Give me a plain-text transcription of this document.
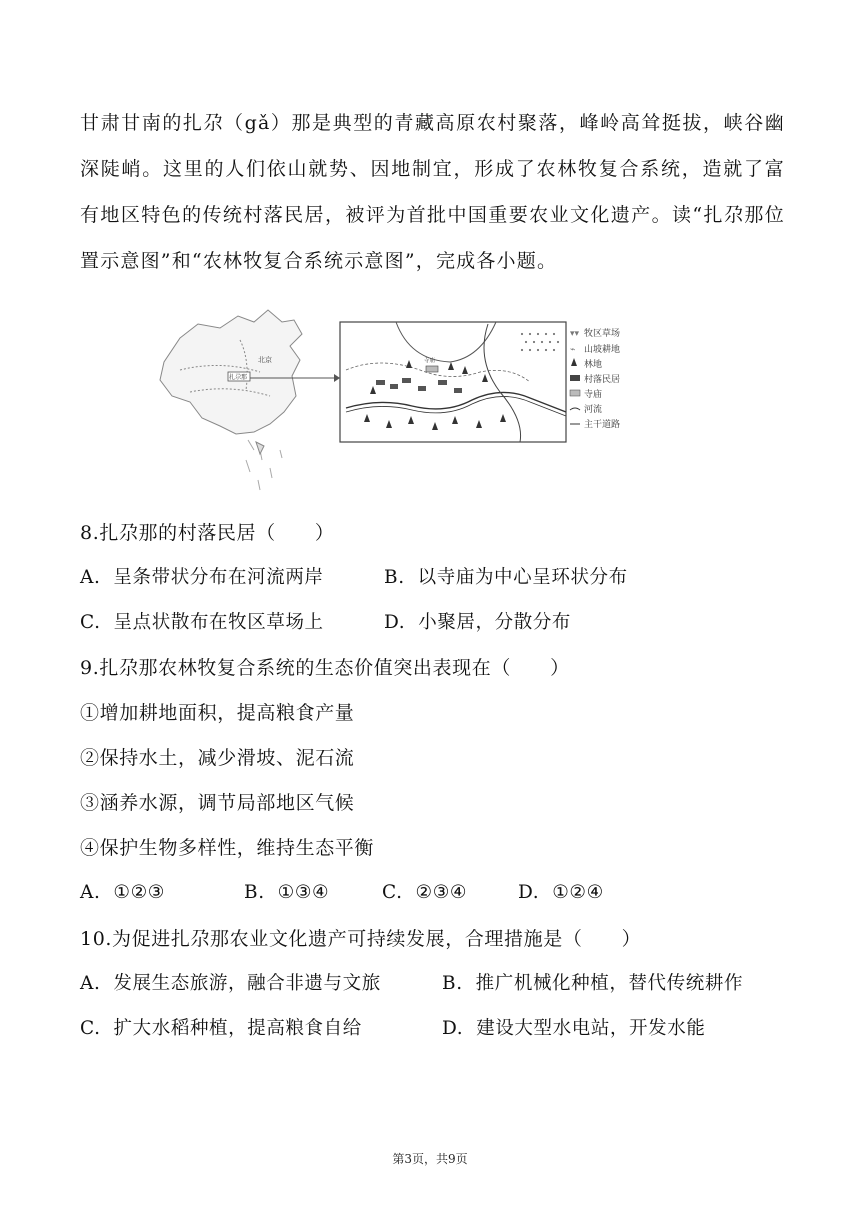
甘肃甘南的扎尕（gǎ）那是典型的青藏高原农村聚落，峰岭高耸挺拔，峡谷幽深陡峭。这里的人们依山就势、因地制宜，形成了农林牧复合系统，造就了富有地区特色的传统村落民居，被评为首批中国重要农业文化遗产。读“扎尕那位置示意图”和“农林牧复合系统示意图”，完成各小题。
北京
扎尕那
寺庙
▾▾ 牧区草场
⌁ 山坡耕地
林地
村落民居
寺庙
河流
主干道路
8.扎尕那的村落民居（　　）
A. 呈条带状分布在河流两岸	B. 以寺庙为中心呈环状分布
C. 呈点状散布在牧区草场上	D. 小聚居，分散分布
9.扎尕那农林牧复合系统的生态价值突出表现在（　　）
①增加耕地面积，提高粮食产量
②保持水土，减少滑坡、泥石流
③涵养水源，调节局部地区气候
④保护生物多样性，维持生态平衡
A. ①②③	B. ①③④	C. ②③④	D. ①②④
10.为促进扎尕那农业文化遗产可持续发展，合理措施是（　　）
A. 发展生态旅游，融合非遗与文旅	B. 推广机械化种植，替代传统耕作
C. 扩大水稻种植，提高粮食自给	D. 建设大型水电站，开发水能
第3页，共9页
